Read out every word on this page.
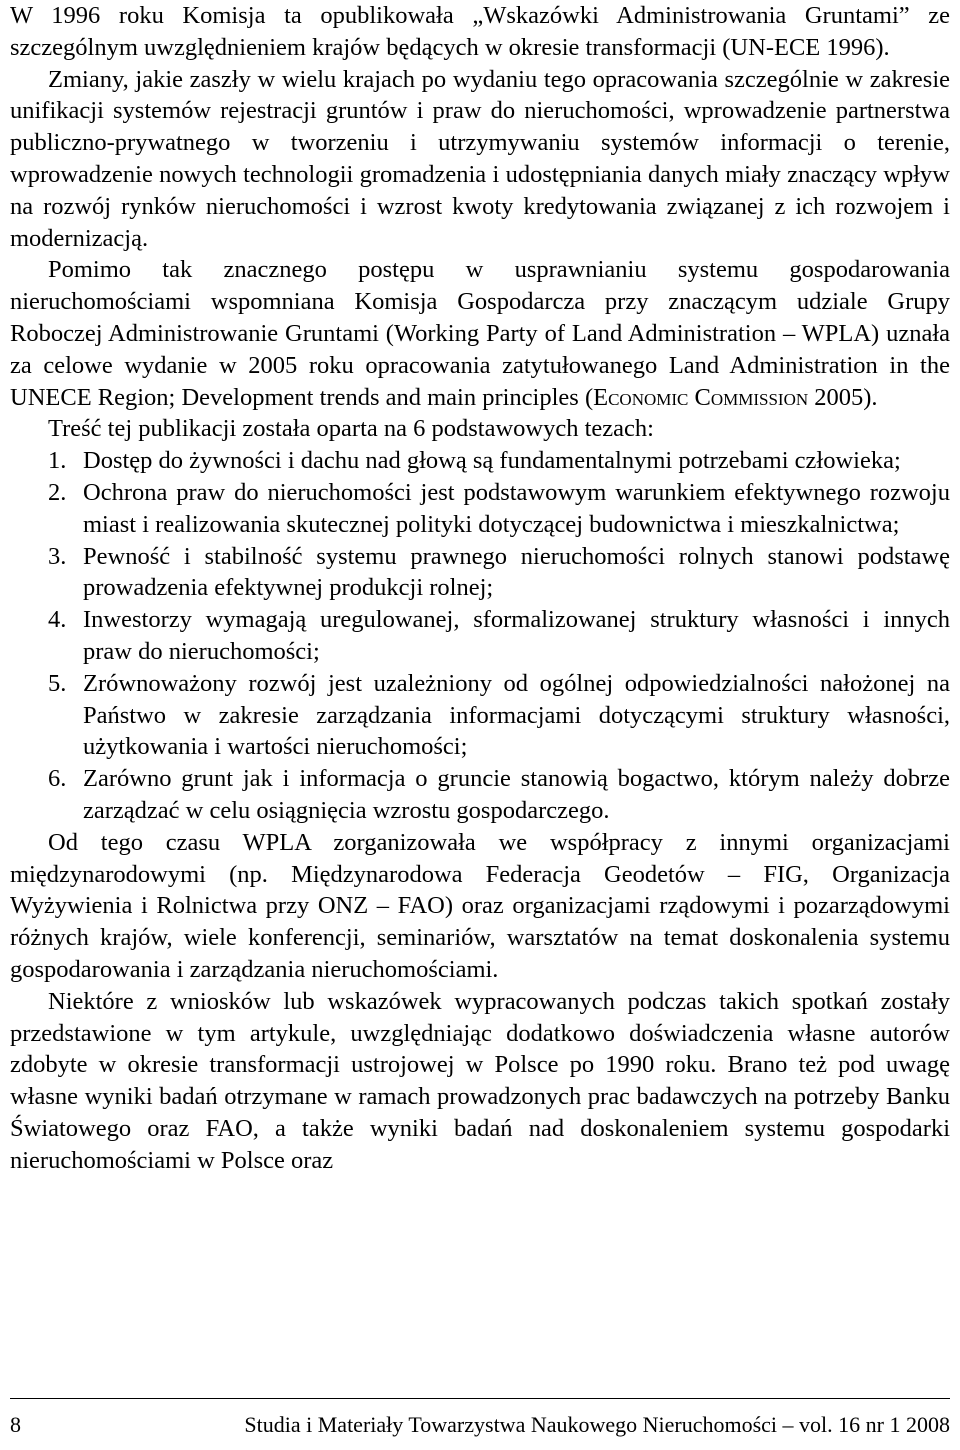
W 1996 roku Komisja ta opublikowała „Wskazówki Administrowania Gruntami” ze szczególnym uwzględnieniem krajów będących w okresie transformacji (UN-ECE 1996).

Zmiany, jakie zaszły w wielu krajach po wydaniu tego opracowania szczególnie w zakresie unifikacji systemów rejestracji gruntów i praw do nieruchomości, wprowadzenie partnerstwa publiczno-prywatnego w tworzeniu i utrzymywaniu systemów informacji o terenie, wprowadzenie nowych technologii gromadzenia i udostępniania danych miały znaczący wpływ na rozwój rynków nieruchomości i wzrost kwoty kredytowania związanej z ich rozwojem i modernizacją.

Pomimo tak znacznego postępu w usprawnianiu systemu gospodarowania nieruchomościami wspomniana Komisja Gospodarcza przy znaczącym udziale Grupy Roboczej Administrowanie Gruntami (Working Party of Land Administration – WPLA) uznała za celowe wydanie w 2005 roku opracowania zatytułowanego Land Administration in the UNECE Region; Development trends and main principles (Economic Commission 2005).

Treść tej publikacji została oparta na 6 podstawowych tezach:

1. Dostęp do żywności i dachu nad głową są fundamentalnymi potrzebami człowieka;
2. Ochrona praw do nieruchomości jest podstawowym warunkiem efektywnego rozwoju miast i realizowania skutecznej polityki dotyczącej budownictwa i mieszkalnictwa;
3. Pewność i stabilność systemu prawnego nieruchomości rolnych stanowi podstawę prowadzenia efektywnej produkcji rolnej;
4. Inwestorzy wymagają uregulowanej, sformalizowanej struktury własności i innych praw do nieruchomości;
5. Zrównoważony rozwój jest uzależniony od ogólnej odpowiedzialności nałożonej na Państwo w zakresie zarządzania informacjami dotyczącymi struktury własności, użytkowania i wartości nieruchomości;
6. Zarówno grunt jak i informacja o gruncie stanowią bogactwo, którym należy dobrze zarządzać w celu osiągnięcia wzrostu gospodarczego.

Od tego czasu WPLA zorganizowała we współpracy z innymi organizacjami międzynarodowymi (np. Międzynarodowa Federacja Geodetów – FIG, Organizacja Wyżywienia i Rolnictwa przy ONZ – FAO) oraz organizacjami rządowymi i pozarządowymi różnych krajów, wiele konferencji, seminariów, warsztatów na temat doskonalenia systemu gospodarowania i zarządzania nieruchomościami.

Niektóre z wniosków lub wskazówek wypracowanych podczas takich spotkań zostały przedstawione w tym artykule, uwzględniając dodatkowo doświadczenia własne autorów zdobyte w okresie transformacji ustrojowej w Polsce po 1990 roku. Brano też pod uwagę własne wyniki badań otrzymane w ramach prowadzonych prac badawczych na potrzeby Banku Światowego oraz FAO, a także wyniki badań nad doskonaleniem systemu gospodarki nieruchomościami w Polsce oraz

8	Studia i Materiały Towarzystwa Naukowego Nieruchomości – vol. 16 nr 1 2008
